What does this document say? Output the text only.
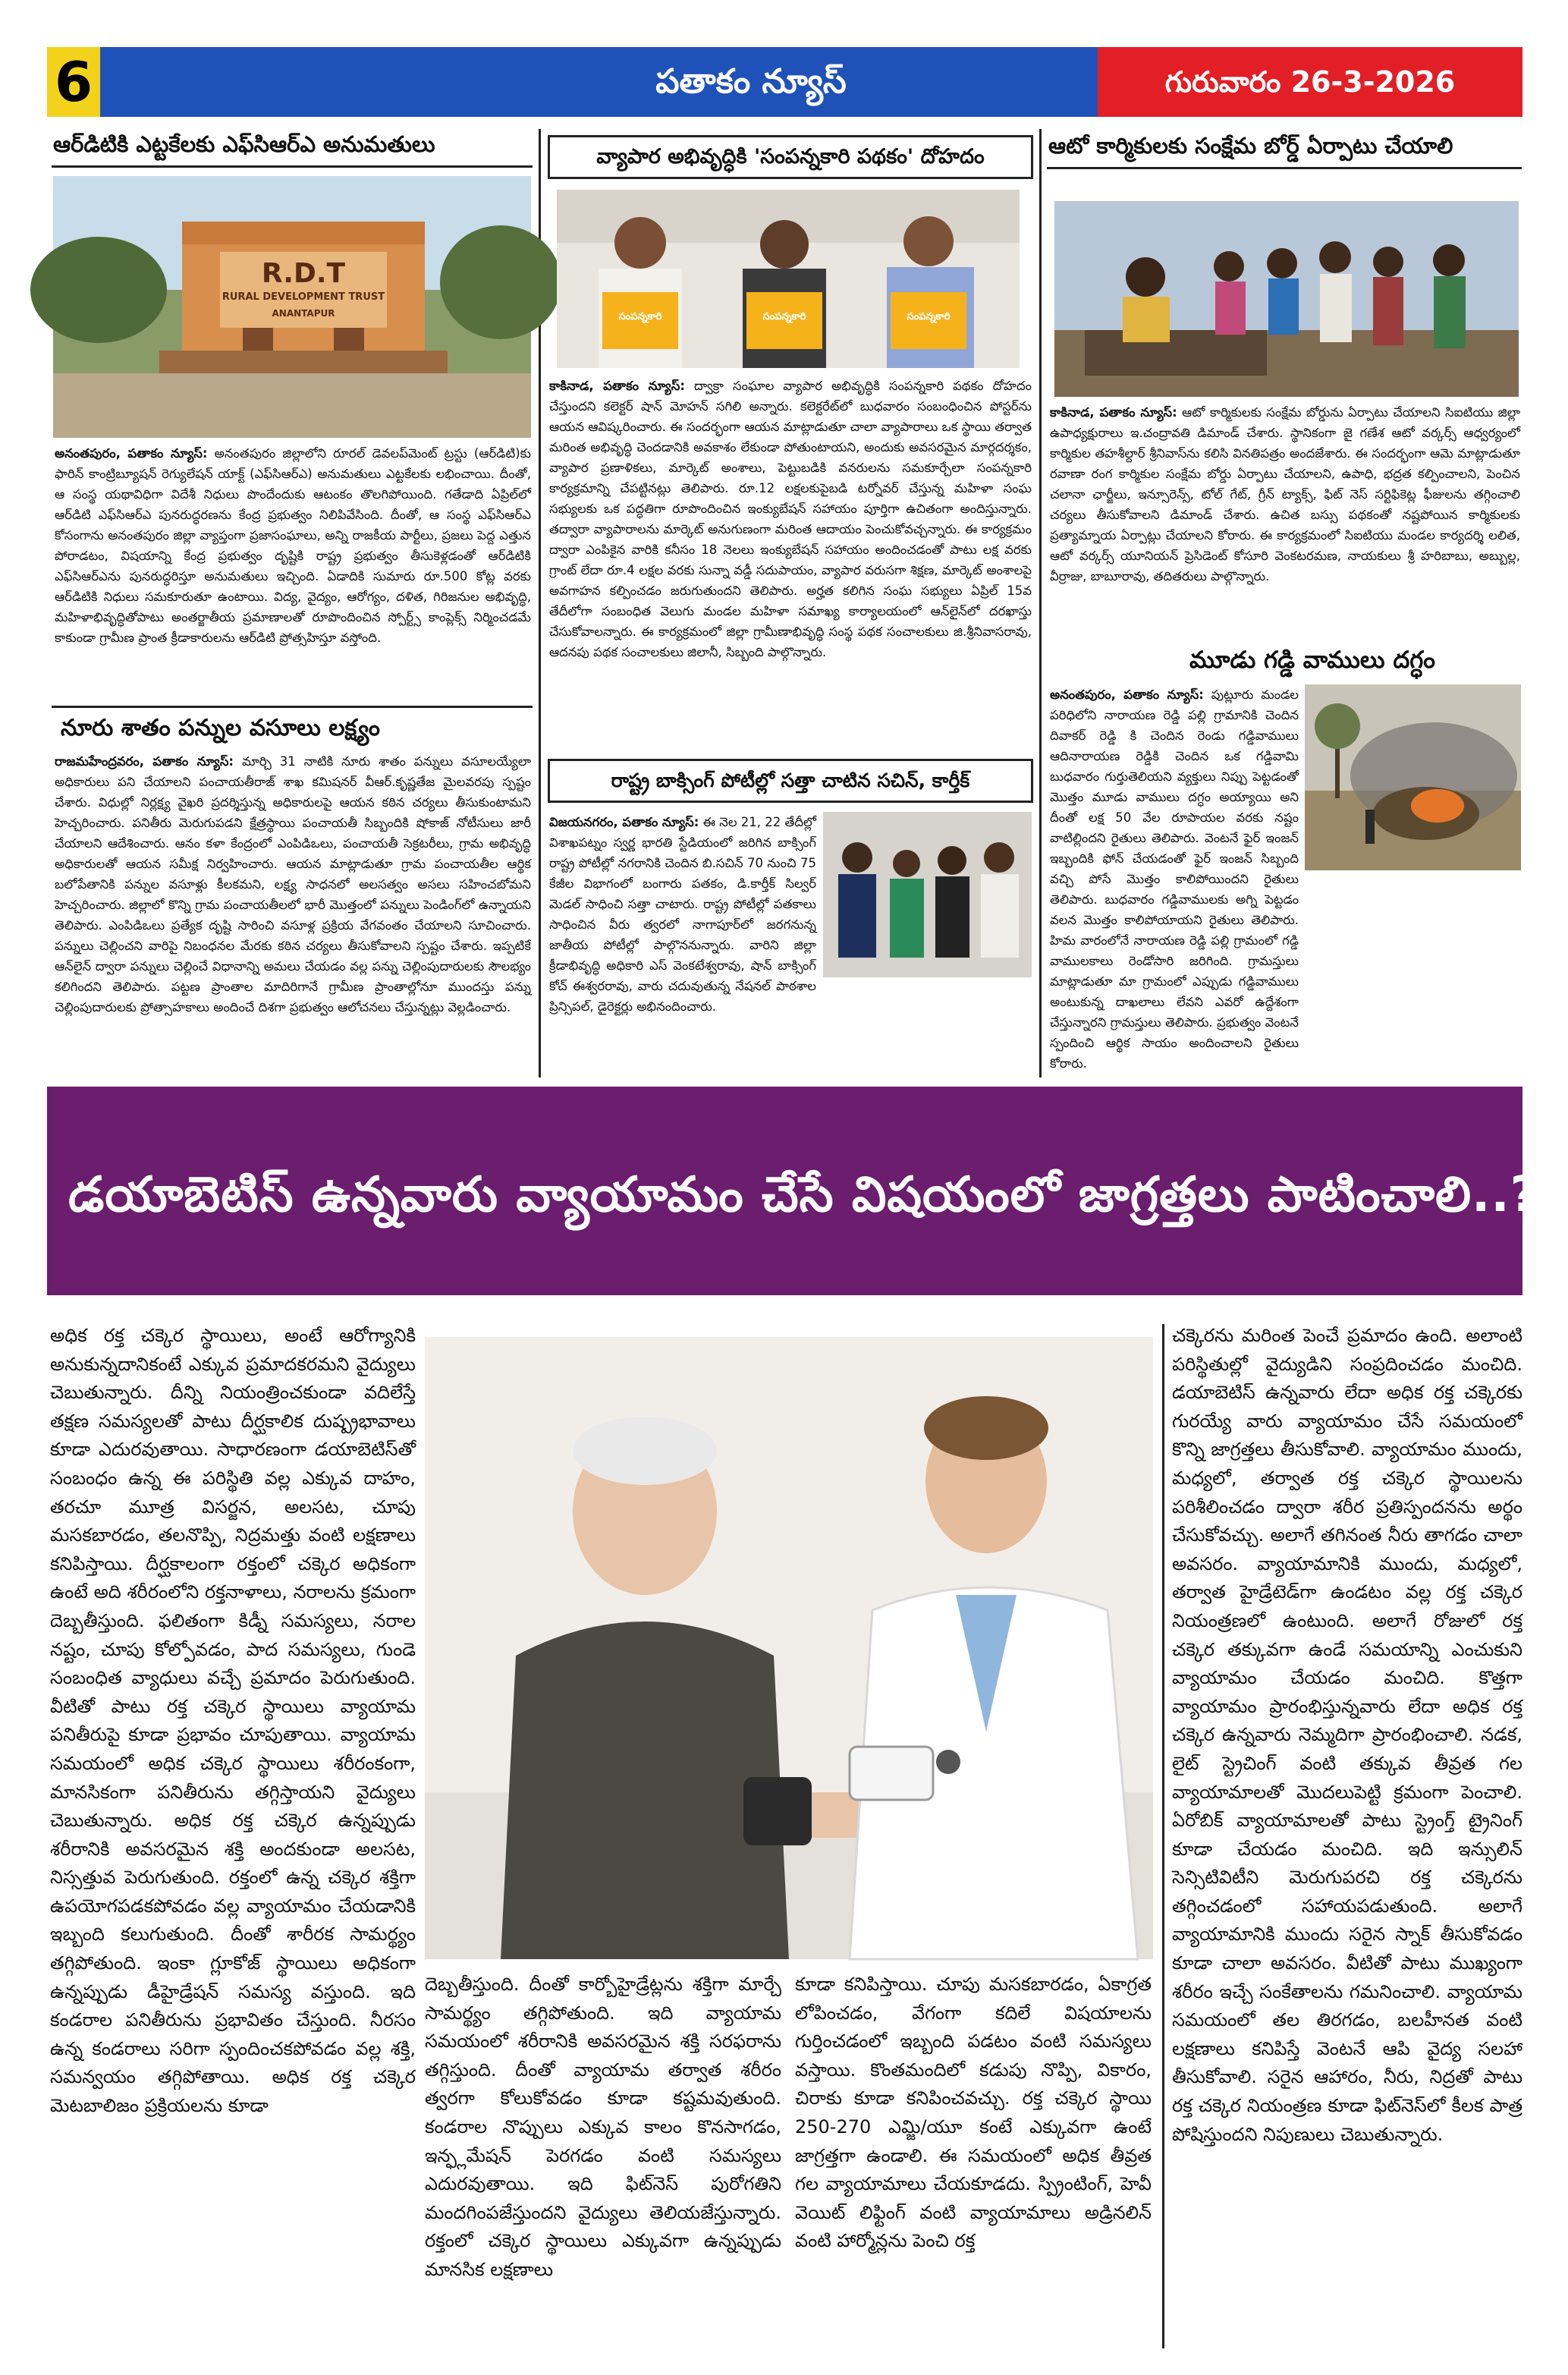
6	పతాకం న్యూస్	గురువారం 26-3-2026
ఆర్‌డిటికి ఎట్టకేలకు ఎఫ్‌సిఆర్ఎ అనుమతులు
R.D.T
RURAL DEVELOPMENT TRUST
ANANTAPUR
అనంతపురం, పతాకం న్యూస్: అనంతపురం జిల్లాలోని రూరల్ డెవలప్‌మెంట్ ట్రస్టు (ఆర్‌డిటి)కు ఫారిన్ కాంట్రిబ్యూషన్ రెగ్యులేషన్ యాక్ట్ (ఎఫ్‌సిఆర్ఎ) అనుమతులు ఎట్టకేలకు లభించాయి. దీంతో, ఆ సంస్థ యథావిధిగా విదేశీ నిధులు పొందేందుకు ఆటంకం తొలగిపోయింది. గతేడాది ఏప్రిల్‌లో ఆర్‌డిటి ఎఫ్‌సిఆర్ఎ పునరుద్ధరణను కేంద్ర ప్రభుత్వం నిలిపివేసింది. దీంతో, ఆ సంస్థ ఎఫ్‌సిఆర్ఎ కోసంగాను అనంతపురం జిల్లా వ్యాప్తంగా ప్రజాసంఘాలు, అన్ని రాజకీయ పార్టీలు, ప్రజలు పెద్ద ఎత్తున పోరాడటం, విషయాన్ని కేంద్ర ప్రభుత్వం దృష్టికి రాష్ట్ర ప్రభుత్వం తీసుకెళ్లడంతో ఆర్‌డిటికి ఎఫ్‌సిఆర్ఎను పునరుద్ధరిస్తూ అనుమతులు ఇచ్చింది. ఏడాదికి సుమారు రూ.500 కోట్ల వరకు ఆర్‌డిటికి నిధులు సమకూరుతూ ఉంటాయి. విద్య, వైద్యం, ఆరోగ్యం, దళిత, గిరిజనుల అభివృద్ధి, మహిళాభివృద్ధితోపాటు అంతర్జాతీయ ప్రమాణాలతో రూపొందించిన స్పోర్ట్స్ కాంప్లెక్స్ నిర్మించడమే కాకుండా గ్రామీణ ప్రాంత క్రీడాకారులను ఆర్‌డిటి ప్రోత్సహిస్తూ వస్తోంది.
నూరు శాతం పన్నుల వసూలు లక్ష్యం
రాజమహేంద్రవరం, పతాకం న్యూస్: మార్చి 31 నాటికి నూరు శాతం పన్నులు వసూలయ్యేలా అధికారులు పని చేయాలని పంచాయతీరాజ్ శాఖ కమిషనర్ వీఆర్.కృష్ణతేజ మైలవరపు స్పష్టం చేశారు. విధుల్లో నిర్లక్ష్య వైఖరి ప్రదర్శిస్తున్న అధికారులపై ఆయన కఠిన చర్యలు తీసుకుంటామని హెచ్చరించారు. పనితీరు మెరుగుపడని క్షేత్రస్థాయి పంచాయతీ సిబ్బందికి షోకాజ్ నోటీసులు జారీ చేయాలని ఆదేశించారు. ఆనం కళా కేంద్రంలో ఎంపిడిఒలు, పంచాయతీ సెక్రటరీలు, గ్రామ అభివృద్ధి అధికారులతో ఆయన సమీక్ష నిర్వహించారు. ఆయన మాట్లాడుతూ గ్రామ పంచాయతీల ఆర్థిక బలోపేతానికి పన్నుల వసూళ్లు కీలకమని, లక్ష్య సాధనలో అలసత్వం అసలు సహించబోమని హెచ్చరించారు. జిల్లాలో కొన్ని గ్రామ పంచాయతీలలో భారీ మొత్తంలో పన్నులు పెండింగ్‌లో ఉన్నాయని తెలిపారు. ఎంపిడిఒలు ప్రత్యేక దృష్టి సారించి వసూళ్ల ప్రక్రియ వేగవంతం చేయాలని సూచించారు. పన్నులు చెల్లించని వారిపై నిబంధనల మేరకు కఠిన చర్యలు తీసుకోవాలని స్పష్టం చేశారు. ఇప్పటికే ఆన్‌లైన్ ద్వారా పన్నులు చెల్లించే విధానాన్ని అమలు చేయడం వల్ల పన్ను చెల్లింపుదారులకు సౌలభ్యం కలిగిందని తెలిపారు. పట్టణ ప్రాంతాల మాదిరిగానే గ్రామీణ ప్రాంతాల్లోనూ ముందస్తు పన్ను చెల్లింపుదారులకు ప్రోత్సాహకాలు అందించే దిశగా ప్రభుత్వం ఆలోచనలు చేస్తున్నట్లు వెల్లడించారు.
వ్యాపార అభివృద్ధికి 'సంపన్నకారి పథకం' దోహదం
సంపన్నకారి	సంపన్నకారి	సంపన్నకారి
కాకినాడ, పతాకం న్యూస్: ద్వాక్రా సంఘాల వ్యాపార అభివృద్ధికి సంపన్నకారి పథకం దోహదం చేస్తుందని కలెక్టర్ షాన్ మోహన్ సగిలి అన్నారు. కలెక్టరేట్‌లో బుధవారం సంబంధించిన పోస్టర్‌ను ఆయన ఆవిష్కరించారు. ఈ సందర్భంగా ఆయన మాట్లాడుతూ చాలా వ్యాపారాలు ఒక స్థాయి తర్వాత మరింత అభివృద్ధి చెందడానికి అవకాశం లేకుండా పోతుంటాయని, అందుకు అవసరమైన మార్గదర్శకం, వ్యాపార ప్రణాళికలు, మార్కెట్ అంశాలు, పెట్టుబడికి వనరులను సమకూర్చేలా సంపన్నకారి కార్యక్రమాన్ని చేపట్టినట్లు తెలిపారు. రూ.12 లక్షలకుపైబడి టర్నోవర్ చేస్తున్న మహిళా సంఘ సభ్యులకు ఒక పద్ధతిగా రూపొందించిన ఇంక్యుబేషన్ సహాయం పూర్తిగా ఉచితంగా అందిస్తున్నారు. తద్వారా వ్యాపారాలను మార్కెట్ అనుగుణంగా మరింత ఆదాయం పెంచుకోవచ్చన్నారు. ఈ కార్యక్రమం ద్వారా ఎంపికైన వారికి కనీసం 18 నెలలు ఇంక్యుబేషన్ సహాయం అందించడంతో పాటు లక్ష వరకు గ్రాంట్ లేదా రూ.4 లక్షల వరకు సున్నా వడ్డీ సదుపాయం, వ్యాపార వరుసగా శిక్షణ, మార్కెట్ అంశాలపై అవగాహన కల్పించడం జరుగుతుందని తెలిపారు. అర్హత కలిగిన సంఘ సభ్యులు ఏప్రిల్ 15వ తేదీలోగా సంబంధిత వెలుగు మండల మహిళా సమాఖ్య కార్యాలయంలో ఆన్‌లైన్‌లో దరఖాస్తు చేసుకోవాలన్నారు. ఈ కార్యక్రమంలో జిల్లా గ్రామీణాభివృద్ధి సంస్థ పథక సంచాలకులు జి.శ్రీనివాసరావు, ఆదనపు పథక సంచాలకులు జిలానీ, సిబ్బంది పాల్గొన్నారు.
రాష్ట్ర బాక్సింగ్ పోటీల్లో సత్తా చాటిన సచిన్, కార్తీక్
విజయనగరం, పతాకం న్యూస్: ఈ నెల 21, 22 తేదీల్లో విశాఖపట్నం స్వర్ణ భారతి స్టేడియంలో జరిగిన బాక్సింగ్ రాష్ట్ర పోటీల్లో నగరానికి చెందిన బి.సచిన్ 70 నుంచి 75 కేజీల విభాగంలో బంగారు పతకం, డి.కార్తీక్ సిల్వర్ మెడల్ సాధించి సత్తా చాటారు. రాష్ట్ర పోటీల్లో పతకాలు సాధించిన వీరు త్వరలో నాగాపూర్‌లో జరగనున్న జాతీయ పోటీల్లో పాల్గొననున్నారు. వారిని జిల్లా క్రీడాభివృద్ధి అధికారి ఎస్ వెంకటేశ్వరావు, షాన్ బాక్సింగ్ కోచ్ ఈశ్వరరావు, వారు చదువుతున్న నేషనల్ పాఠశాల ప్రిన్సిపల్, డైరెక్టర్లు అభినందించారు.
ఆటో కార్మికులకు సంక్షేమ బోర్డ్ ఏర్పాటు చేయాలి
కాకినాడ, పతాకం న్యూస్: ఆటో కార్మికులకు సంక్షేమ బోర్డును ఏర్పాటు చేయాలని సిఐటియు జిల్లా ఉపాధ్యక్షురాలు ఇ.చంద్రావతి డిమాండ్ చేశారు. స్థానికంగా జై గణేశ ఆటో వర్కర్స్ ఆధ్వర్యంలో కార్మికుల తహశీల్దార్ శ్రీనివాస్‌ను కలిసి వినతిపత్రం అందజేశారు. ఈ సందర్భంగా ఆమె మాట్లాడుతూ రవాణా రంగ కార్మికుల సంక్షేమ బోర్డు ఏర్పాటు చేయాలని, ఉపాధి, భద్రత కల్పించాలని, పెంచిన చలానా ఛార్జీలు, ఇన్సూరెన్స్, టోల్ గేట్, గ్రీన్ ట్యాక్స్, ఫిట్ నెస్ సర్టిఫికెట్ల ఫీజులను తగ్గించాలి చర్యలు తీసుకోవాలని డిమాండ్ చేశారు. ఉచిత బస్సు పథకంతో నష్టపోయిన కార్మికులకు ప్రత్యామ్నాయ ఏర్పాట్లు చేయాలని కోరారు. ఈ కార్యక్రమంలో సిఐటియు మండల కార్యదర్శి లలిత, ఆటో వర్కర్స్ యూనియన్ ప్రెసిడెంట్ కోసూరి వెంకటరమణ, నాయకులు శ్రీ హరిబాబు, అబ్బుల్ల, వీర్రాజు, బాబూరావు, తదితరులు పాల్గొన్నారు.
మూడు గడ్డి వాములు దగ్ధం
అనంతపురం, పతాకం న్యూస్: పుట్లూరు మండల పరిధిలోని నారాయణ రెడ్డి పల్లి గ్రామానికి చెందిన దివాకర్ రెడ్డి కి చెందిన రెండు గడ్డివాములు ఆదినారాయణ రెడ్డికి చెందిన ఒక గడ్డివామి బుధవారం గుర్తుతెలియని వ్యక్తులు నిప్పు పెట్టడంతో మొత్తం మూడు వాములు దగ్ధం అయ్యాయి అని దీంతో లక్ష 50 వేల రూపాయల వరకు నష్టం వాటిల్లిందని రైతులు తెలిపారు. వెంటనే ఫైర్ ఇంజన్ ఇబ్బందికి ఫోన్ చేయడంతో ఫైర్ ఇంజన్ సిబ్బంది వచ్చి పోసే మొత్తం కాలిపోయిందని రైతులు తెలిపారు. బుధవారం గడ్డివాములకు అగ్ని పెట్టడం వలన మొత్తం కాలిపోయాయని రైతులు తెలిపారు. హిమ వారంలోనే నారాయణ రెడ్డి పల్లి గ్రామంలో గడ్డి వాములకాలు రెండోసారి జరిగింది. గ్రామస్తులు మాట్లాడుతూ మా గ్రామంలో ఎప్పుడు గడ్డివాములు అంటుకున్న దాఖలాలు లేవని ఎవరో ఉద్దేశంగా చేస్తున్నారని గ్రామస్తులు తెలిపారు. ప్రభుత్వం వెంటనే స్పందించి ఆర్థిక సాయం అందించాలని రైతులు కోరారు.

డయాబెటిస్ ఉన్నవారు వ్యాయామం చేసే విషయంలో జాగ్రత్తలు పాటించాలి..?
అధిక రక్త చక్కెర స్థాయిలు, అంటే ఆరోగ్యానికి అనుకున్నదానికంటే ఎక్కువ ప్రమాదకరమని వైద్యులు చెబుతున్నారు. దీన్ని నియంత్రించకుండా వదిలేస్తే తక్షణ సమస్యలతో పాటు దీర్ఘకాలిక దుష్ప్రభావాలు కూడా ఎదురవుతాయి. సాధారణంగా డయాబెటిస్‌తో సంబంధం ఉన్న ఈ పరిస్థితి వల్ల ఎక్కువ దాహం, తరచూ మూత్ర విసర్జన, అలసట, చూపు మసకబారడం, తలనొప్పి, నిద్రమత్తు వంటి లక్షణాలు కనిపిస్తాయి. దీర్ఘకాలంగా రక్తంలో చక్కెర అధికంగా ఉంటే అది శరీరంలోని రక్తనాళాలు, నరాలను క్రమంగా దెబ్బతీస్తుంది. ఫలితంగా కిడ్నీ సమస్యలు, నరాల నష్టం, చూపు కోల్పోవడం, పాద సమస్యలు, గుండె సంబంధిత వ్యాధులు వచ్చే ప్రమాదం పెరుగుతుంది. వీటితో పాటు రక్త చక్కెర స్థాయిలు వ్యాయామ పనితీరుపై కూడా ప్రభావం చూపుతాయి. వ్యాయామ సమయంలో అధిక చక్కెర స్థాయిలు శరీరంకంగా, మానసికంగా పనితీరును తగ్గిస్తాయని వైద్యులు చెబుతున్నారు. అధిక రక్త చక్కెర ఉన్నప్పుడు శరీరానికి అవసరమైన శక్తి అందకుండా అలసట, నిస్సత్తువ పెరుగుతుంది. రక్తంలో ఉన్న చక్కెర శక్తిగా ఉపయోగపడకపోవడం వల్ల వ్యాయామం చేయడానికి ఇబ్బంది కలుగుతుంది. దీంతో శారీరక సామర్థ్యం తగ్గిపోతుంది. ఇంకా గ్లూకోజ్ స్థాయిలు అధికంగా ఉన్నప్పుడు డీహైడ్రేషన్ సమస్య వస్తుంది. ఇది కండరాల పనితీరును ప్రభావితం చేస్తుంది. నీరసం ఉన్న కండరాలు సరిగా స్పందించకపోవడం వల్ల శక్తి, సమన్వయం తగ్గిపోతాయి. అధిక రక్త చక్కెర మెటబాలిజం ప్రక్రియలను కూడా
దెబ్బతీస్తుంది. దీంతో కార్బోహైడ్రేట్లను శక్తిగా మార్చే సామర్థ్యం తగ్గిపోతుంది. ఇది వ్యాయామ సమయంలో శరీరానికి అవసరమైన శక్తి సరఫరాను తగ్గిస్తుంది. దీంతో వ్యాయామ తర్వాత శరీరం త్వరగా కోలుకోవడం కూడా కష్టమవుతుంది. కండరాల నొప్పులు ఎక్కువ కాలం కొనసాగడం, ఇన్ఫ్లమేషన్ పెరగడం వంటి సమస్యలు ఎదురవుతాయి. ఇది ఫిట్‌నెస్ పురోగతిని మందగింపజేస్తుందని వైద్యులు తెలియజేస్తున్నారు. రక్తంలో చక్కెర స్థాయిలు ఎక్కువగా ఉన్నప్పుడు మానసిక లక్షణాలు
కూడా కనిపిస్తాయి. చూపు మసకబారడం, ఏకాగ్రత లోపించడం, వేగంగా కదిలే విషయాలను గుర్తించడంలో ఇబ్బంది పడటం వంటి సమస్యలు వస్తాయి. కొంతమందిలో కడుపు నొప్పి, వికారం, చిరాకు కూడా కనిపించవచ్చు. రక్త చక్కెర స్థాయి 250-270 ఎమ్జి/యూ కంటే ఎక్కువగా ఉంటే జాగ్రత్తగా ఉండాలి. ఈ సమయంలో అధిక తీవ్రత గల వ్యాయామాలు చేయకూడదు. స్ప్రింటింగ్, హెవీ వెయిట్ లిఫ్టింగ్ వంటి వ్యాయామాలు అడ్రినలిన్ వంటి హార్మోన్లను పెంచి రక్త
చక్కెరను మరింత పెంచే ప్రమాదం ఉంది. అలాంటి పరిస్థితుల్లో వైద్యుడిని సంప్రదించడం మంచిది. డయాబెటిస్ ఉన్నవారు లేదా అధిక రక్త చక్కెరకు గురయ్యే వారు వ్యాయామం చేసే సమయంలో కొన్ని జాగ్రత్తలు తీసుకోవాలి. వ్యాయామం ముందు, మధ్యలో, తర్వాత రక్త చక్కెర స్థాయిలను పరిశీలించడం ద్వారా శరీర ప్రతిస్పందనను అర్థం చేసుకోవచ్చు. అలాగే తగినంత నీరు తాగడం చాలా అవసరం. వ్యాయామానికి ముందు, మధ్యలో, తర్వాత హైడ్రేటెడ్‌గా ఉండటం వల్ల రక్త చక్కెర నియంత్రణలో ఉంటుంది. అలాగే రోజులో రక్త చక్కెర తక్కువగా ఉండే సమయాన్ని ఎంచుకుని వ్యాయామం చేయడం మంచిది. కొత్తగా వ్యాయామం ప్రారంభిస్తున్నవారు లేదా అధిక రక్త చక్కెర ఉన్నవారు నెమ్మదిగా ప్రారంభించాలి. నడక, లైట్ స్ట్రెచింగ్ వంటి తక్కువ తీవ్రత గల వ్యాయామాలతో మొదలుపెట్టి క్రమంగా పెంచాలి. ఏరోబిక్ వ్యాయామాలతో పాటు స్ట్రెంగ్త్ ట్రైనింగ్ కూడా చేయడం మంచిది. ఇది ఇన్సులిన్ సెన్సిటివిటీని మెరుగుపరచి రక్త చక్కెరను తగ్గించడంలో సహాయపడుతుంది. అలాగే వ్యాయామానికి ముందు సరైన స్నాక్ తీసుకోవడం కూడా చాలా అవసరం. వీటితో పాటు ముఖ్యంగా శరీరం ఇచ్చే సంకేతాలను గమనించాలి. వ్యాయామ సమయంలో తల తిరగడం, బలహీనత వంటి లక్షణాలు కనిపిస్తే వెంటనే ఆపి వైద్య సలహా తీసుకోవాలి. సరైన ఆహారం, నీరు, నిద్రతో పాటు రక్త చక్కెర నియంత్రణ కూడా ఫిట్‌నెస్‌లో కీలక పాత్ర పోషిస్తుందని నిపుణులు చెబుతున్నారు.
